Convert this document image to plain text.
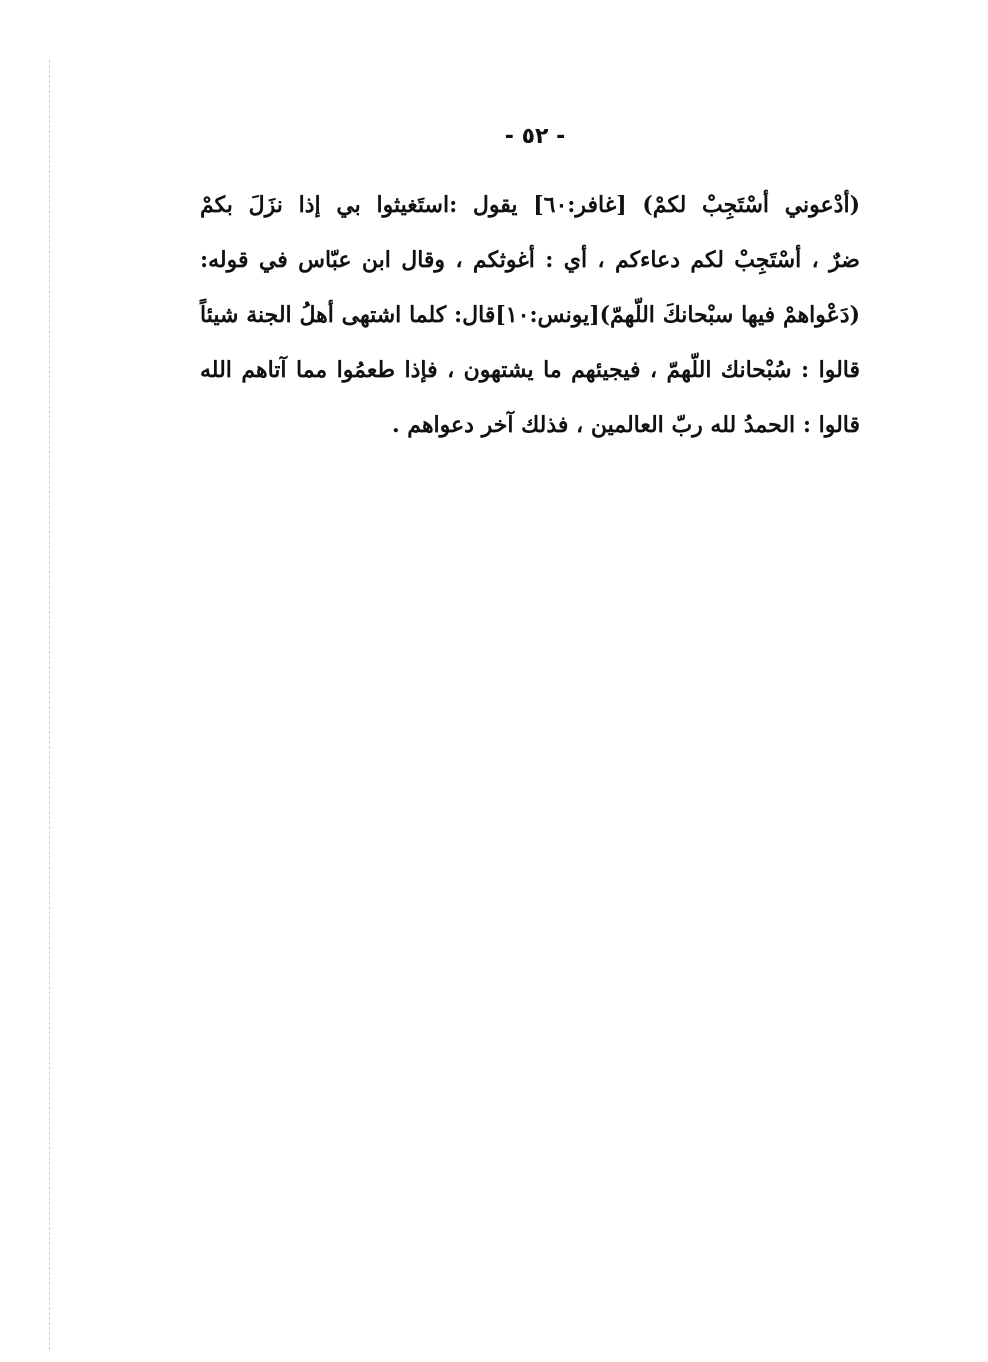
- ٥٢ -
(أدْعوني أسْتَجِبْ لكمْ) [غافر:٦٠] يقول :استَغيثوا بي إذا نزَلَ بكمْ
ضرٌ ، أسْتَجِبْ لكم دعاءكم ، أي : أغوثكم ، وقال ابن عبّاس في قوله:
(دَعْواهمْ فيها سبْحانكَ اللّهمّ)[يونس:١٠]قال: كلما اشتهى أهلُ الجنة شيئاً
قالوا : سُبْحانك اللّهمّ ، فيجيئهم ما يشتهون ، فإذا طعمُوا مما آتاهم الله
قالوا : الحمدُ لله ربّ العالمين ، فذلك آخر دعواهم .
